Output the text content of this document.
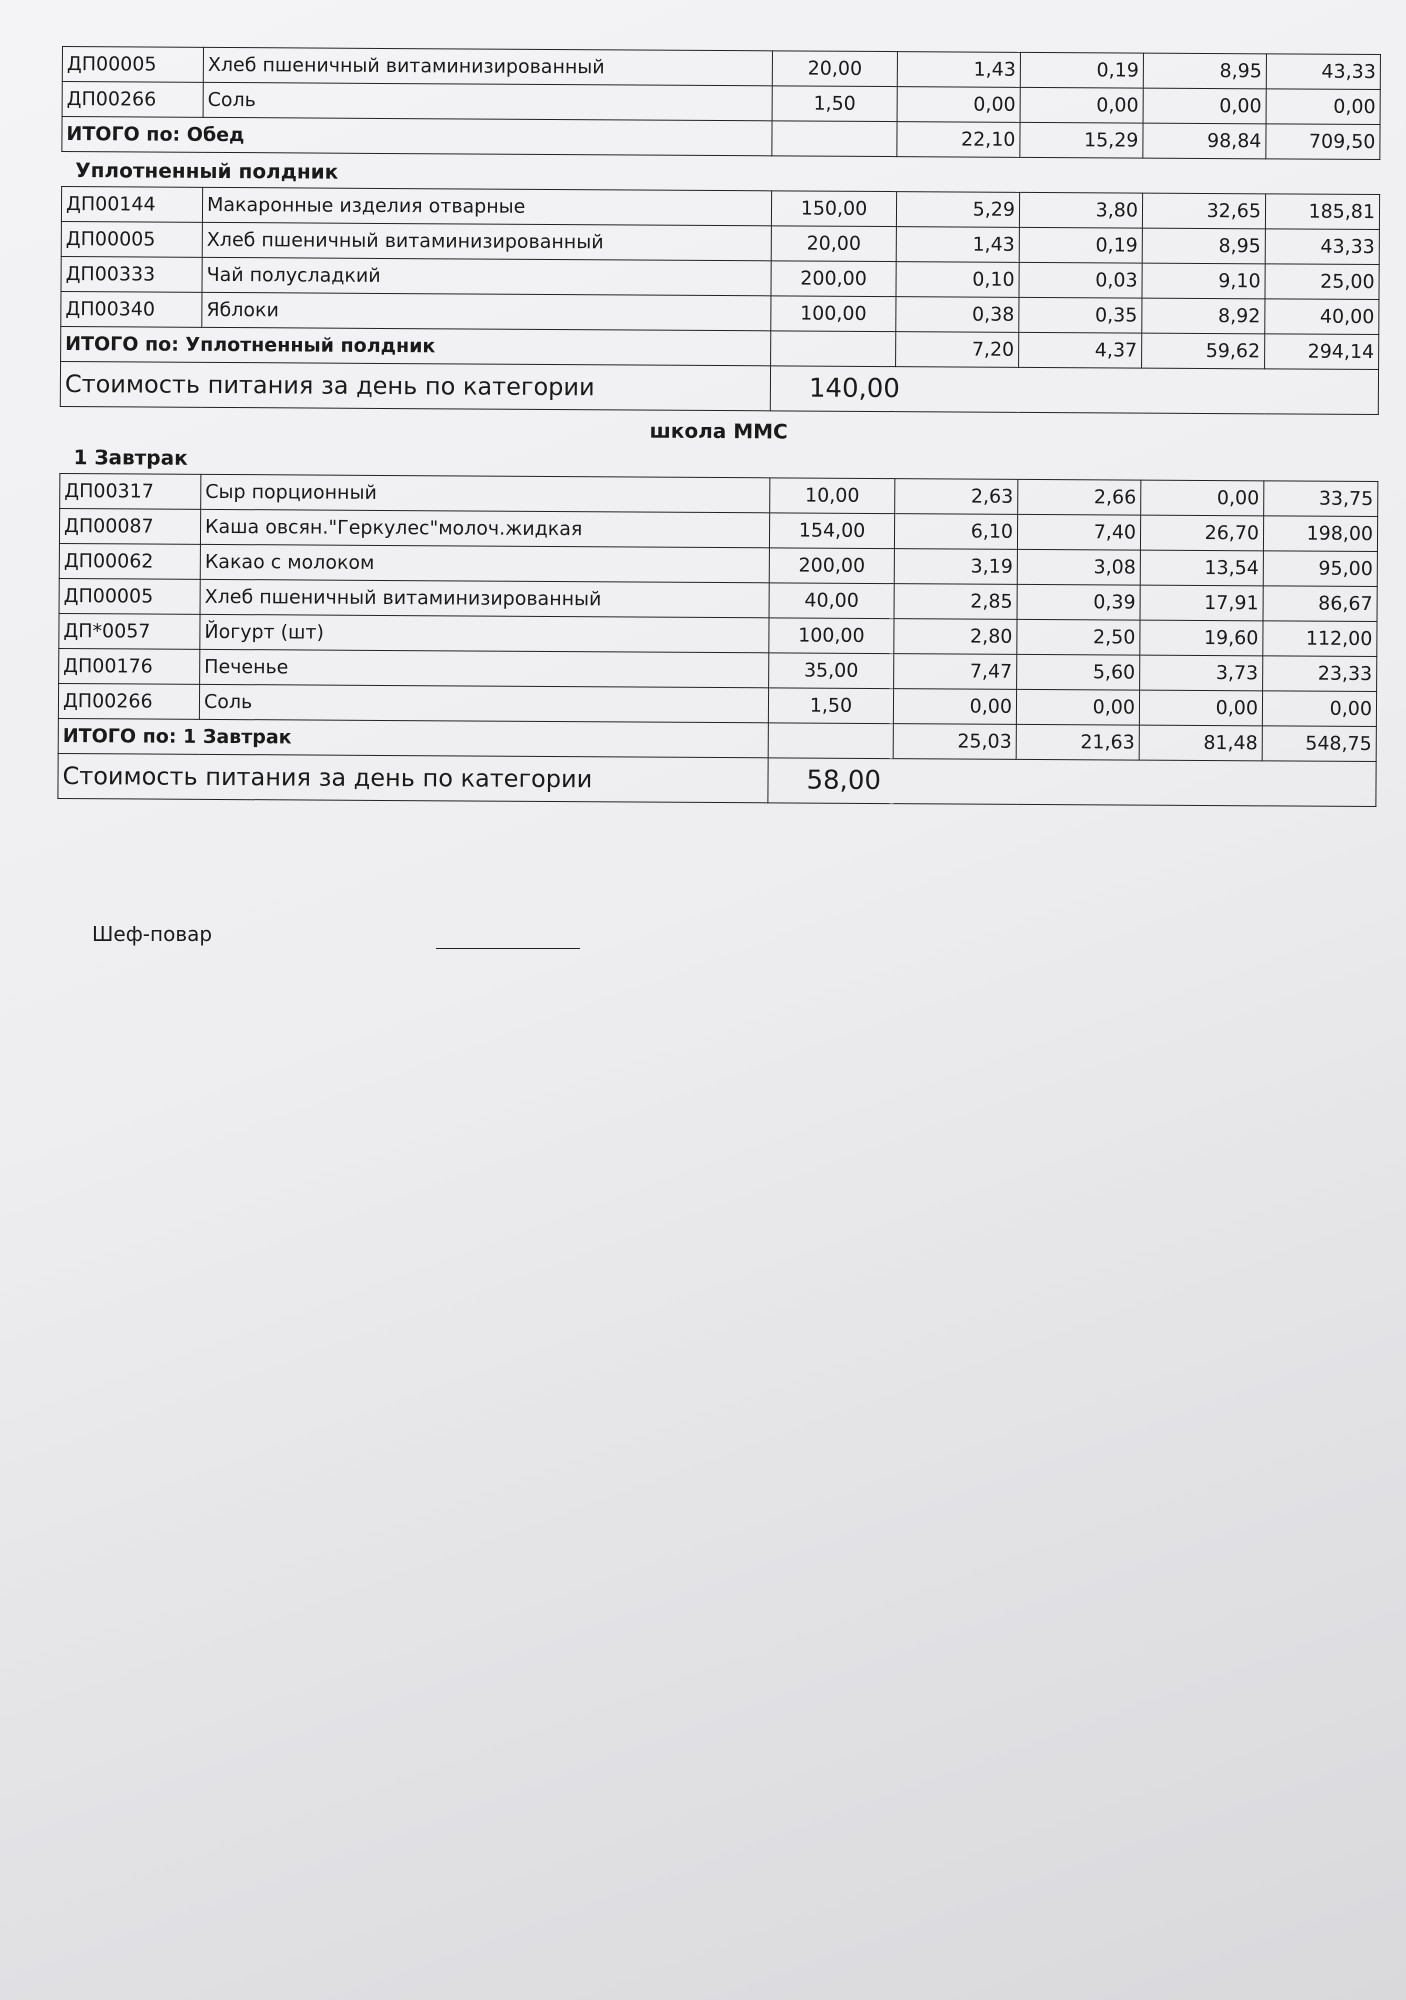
ДП00005	Хлеб пшеничный витаминизированный	20,00	1,43	0,19	8,95	43,33
ДП00266	Соль	1,50	0,00	0,00	0,00	0,00
ИТОГО по: Обед			22,10	15,29	98,84	709,50
Уплотненный полдник
ДП00144	Макаронные изделия отварные	150,00	5,29	3,80	32,65	185,81
ДП00005	Хлеб пшеничный витаминизированный	20,00	1,43	0,19	8,95	43,33
ДП00333	Чай полусладкий	200,00	0,10	0,03	9,10	25,00
ДП00340	Яблоки	100,00	0,38	0,35	8,92	40,00
ИТОГО по: Уплотненный полдник			7,20	4,37	59,62	294,14
Стоимость питания за день по категории		140,00				
школа ММС
1 Завтрак
ДП00317	Сыр порционный	10,00	2,63	2,66	0,00	33,75
ДП00087	Каша овсян."Геркулес"молоч.жидкая	154,00	6,10	7,40	26,70	198,00
ДП00062	Какао с молоком	200,00	3,19	3,08	13,54	95,00
ДП00005	Хлеб пшеничный витаминизированный	40,00	2,85	0,39	17,91	86,67
ДП*0057	Йогурт (шт)	100,00	2,80	2,50	19,60	112,00
ДП00176	Печенье	35,00	7,47	5,60	3,73	23,33
ДП00266	Соль	1,50	0,00	0,00	0,00	0,00
ИТОГО по: 1 Завтрак			25,03	21,63	81,48	548,75
Стоимость питания за день по категории		58,00				
Шеф-повар
